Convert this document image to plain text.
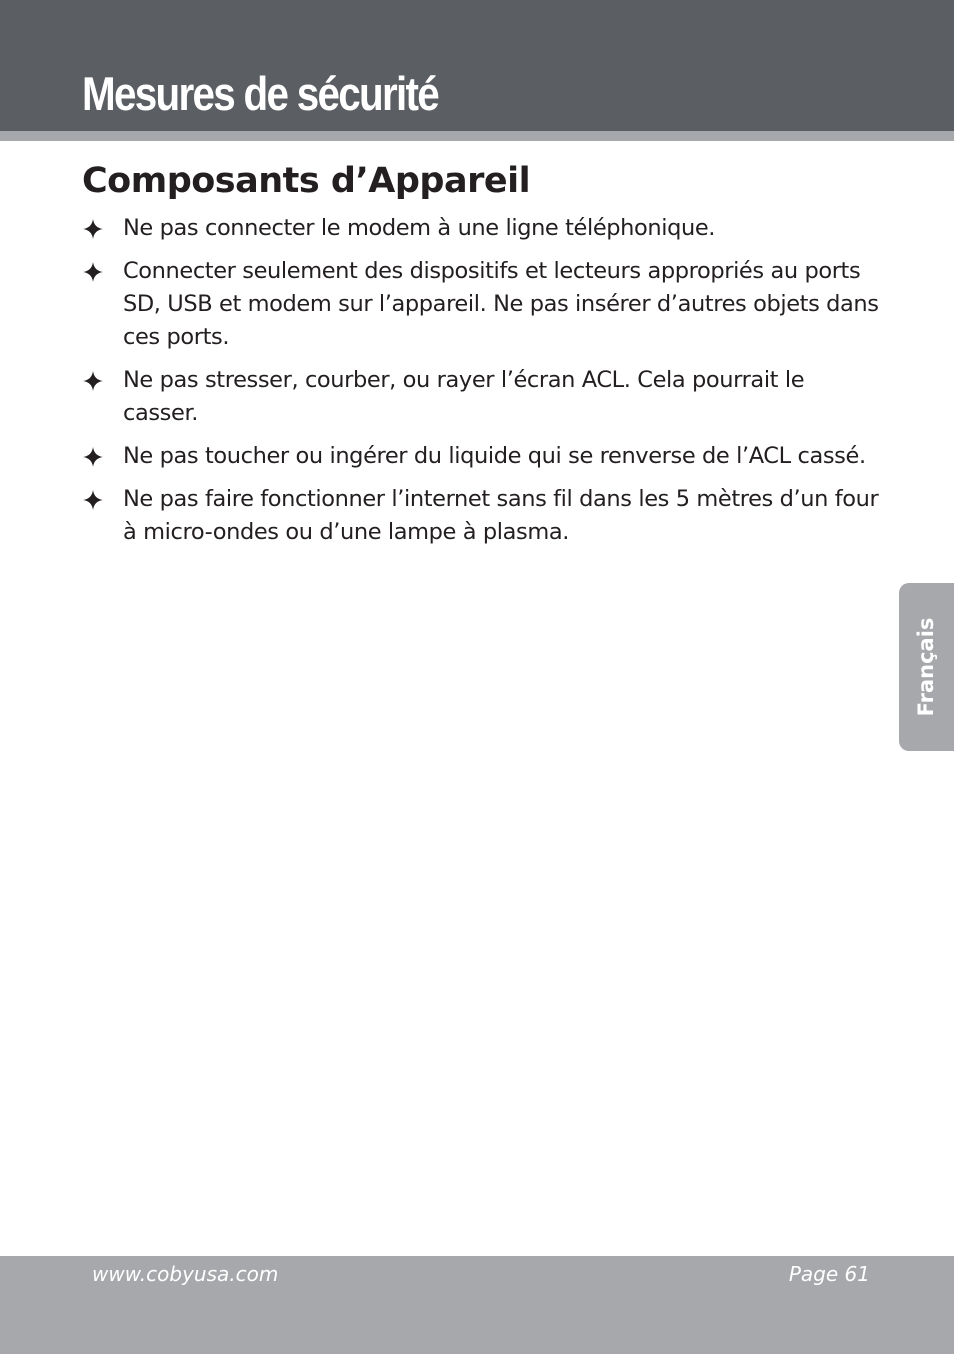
Mesures de sécurité
Composants d’Appareil
Ne pas connecter le modem à une ligne téléphonique.
Connecter seulement des dispositifs et lecteurs appropriés au ports SD, USB et modem sur l’appareil. Ne pas insérer d’autres objets dans ces ports.
Ne pas stresser, courber, ou rayer l’écran ACL. Cela pourrait le casser.
Ne pas toucher ou ingérer du liquide qui se renverse de l’ACL cassé.
Ne pas faire fonctionner l’internet sans fil dans les 5 mètres d’un four à micro-ondes ou d’une lampe à plasma.
Français
www.cobyusa.com	Page 61
